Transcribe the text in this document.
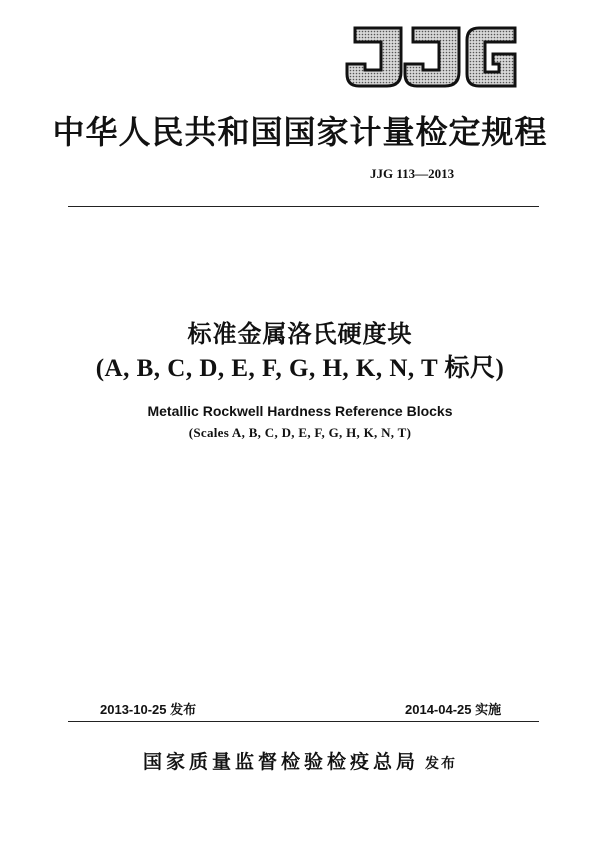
中华人民共和国国家计量检定规程
JJG 113—2013
标准金属洛氏硬度块
(A, B, C, D, E, F, G, H, K, N, T 标尺)
Metallic Rockwell Hardness Reference Blocks
(Scales A, B, C, D, E, F, G, H, K, N, T)
2013-10-25 发布	2014-04-25 实施
国家质量监督检验检疫总局 发布
